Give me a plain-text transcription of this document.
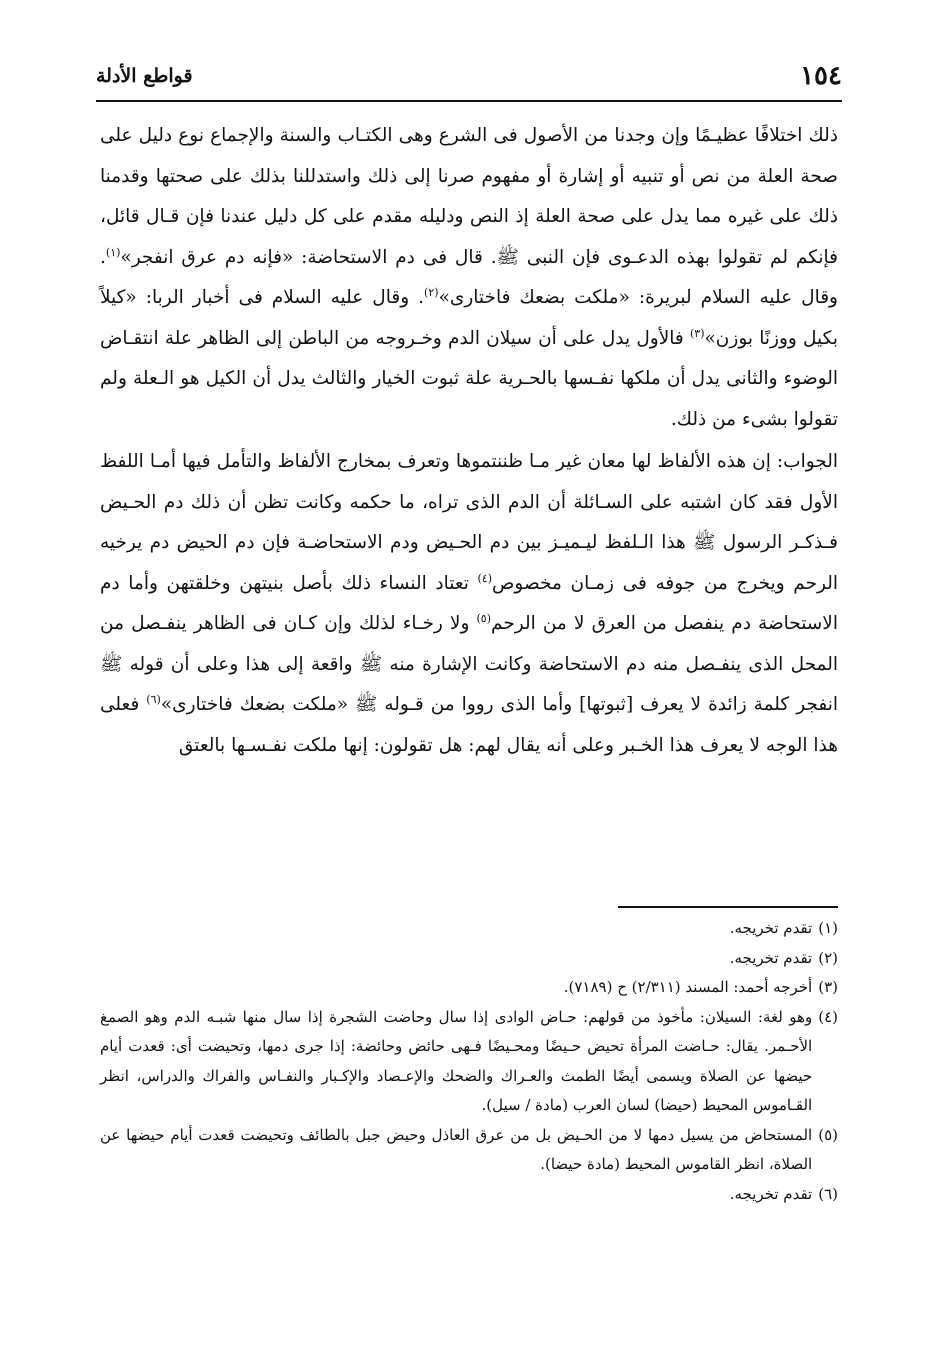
قواطع الأدلة	١٥٤

ذلك اختلافًا عظيـمًا وإن وجدنا من الأصول فى الشرع وهى الكتـاب والسنة والإجماع نوع دليل على صحة العلة من نص أو تنبيه أو إشارة أو مفهوم صرنا إلى ذلك واستدللنا بذلك على صحتها وقدمنا ذلك على غيره مما يدل على صحة العلة إذ النص ودليله مقدم على كل دليل عندنا فإن قـال قائل، فإنكم لم تقولوا بهذه الدعـوى فإن النبى ﷺ. قال فى دم الاستحاضة: «فإنه دم عرق انفجر»$^{(١)}$. وقال عليه السلام لبريرة: «ملكت بضعك فاختارى»$^{(٢)}$. وقال عليه السلام فى أخبار الربا: «كيلاً بكيل ووزنًا بوزن»$^{(٣)}$ فالأول يدل على أن سيلان الدم وخـروجه من الباطن إلى الظاهر علة انتقـاض الوضوء والثانى يدل أن ملكها نفـسها بالحـرية علة ثبوت الخيار والثالث يدل أن الكيل هو الـعلة ولم تقولوا بشىء من ذلك.

الجواب: إن هذه الألفاظ لها معان غير مـا ظننتموها وتعرف بمخارج الألفاظ والتأمل فيها أمـا اللفظ الأول فقد كان اشتبه على السـائلة أن الدم الذى تراه، ما حكمه وكانت تظن أن ذلك دم الحـيض فـذكـر الرسول ﷺ هذا الـلفظ ليـميـز بين دم الحـيض ودم الاستحاضـة فإن دم الحيض دم يرخيه الرحم ويخرج من جوفه فى زمـان مخصوص$^{(٤)}$ تعتاد النساء ذلك بأصل بنيتهن وخلقتهن وأما دم الاستحاضة دم ينفصل من العرق لا من الرحم$^{(٥)}$ ولا رخـاء لذلك وإن كـان فى الظاهر ينفـصل من المحل الذى ينفـصل منه دم الاستحاضة وكانت الإشارة منه ﷺ واقعة إلى هذا وعلى أن قوله ﷺ انفجر كلمة زائدة لا يعرف [ثبوتها] وأما الذى رووا من قـوله ﷺ «ملكت بضعك فاختارى»$^{(٦)}$ فعلى هذا الوجه لا يعرف هذا الخـبر وعلى أنه يقال لهم: هل تقولون: إنها ملكت نفـسـها بالعتق

(١)
تقدم تخريجه.

(٢)
تقدم تخريجه.

(٣)
أخرجه أحمد: المسند (٢/٣١١) ح (٧١٨٩).

(٤)
وهو لغة: السيلان: مأخوذ من قولهم: حـاض الوادى إذا سال وحاضت الشجرة إذا سال منها شبـه الدم وهو الصمغ الأحـمر. يقال: حـاضت المرأة تحيض حـيضًا ومحـيضًا فـهى حائض وحائضة: إذا جرى دمها، وتحيضت أى: قعدت أيام حيضها عن الصلاة ويسمى أيضًا الطمث والعـراك والضحك والإعـصاد والإكـبار والنفـاس والفراك والدراس، انظر القـاموس المحيط (حيضا) لسان العرب (مادة / سيل).

(٥)
المستحاض من يسيل دمها لا من الحـيض بل من عرق العاذل وحيض جبل بالطائف وتحيضت قعدت أيام حيضها عن الصلاة، انظر القاموس المحيط (مادة حيضا).

(٦)
تقدم تخريجه.
